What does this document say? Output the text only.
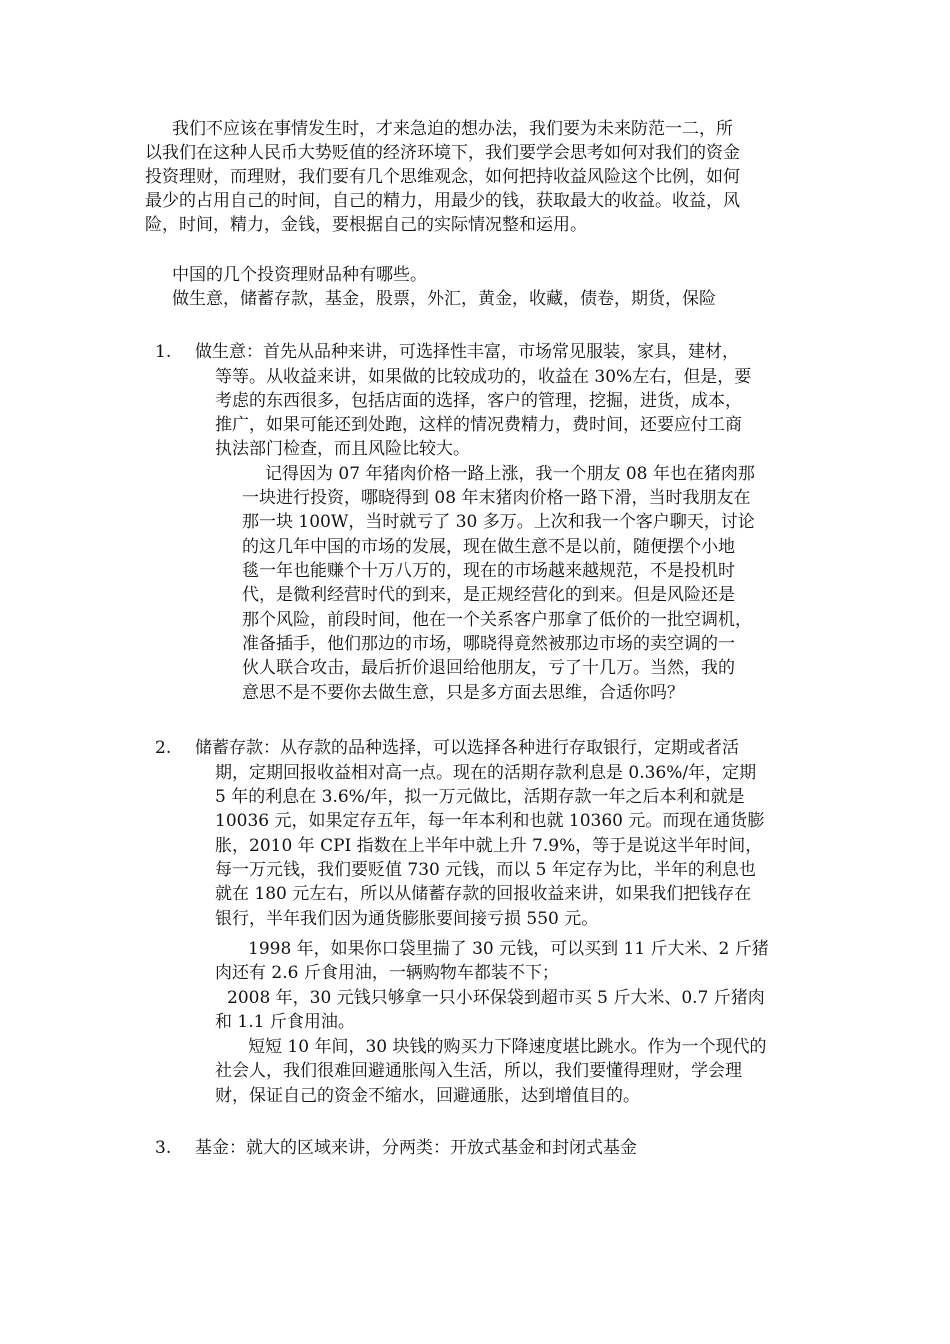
我们不应该在事情发生时，才来急迫的想办法，我们要为未来防范一二，所
以我们在这种人民币大势贬值的经济环境下，我们要学会思考如何对我们的资金
投资理财，而理财，我们要有几个思维观念，如何把持收益风险这个比例，如何
最少的占用自己的时间，自己的精力，用最少的钱，获取最大的收益。收益，风
险，时间，精力，金钱，要根据自己的实际情况整和运用。
中国的几个投资理财品种有哪些。
做生意，储蓄存款，基金，股票，外汇，黄金，收藏，债卷，期货，保险
1. 做生意：首先从品种来讲，可选择性丰富，市场常见服装，家具，建材，
等等。从收益来讲，如果做的比较成功的，收益在 30%左右，但是，要
考虑的东西很多，包括店面的选择，客户的管理，挖掘，进货，成本，
推广，如果可能还到处跑，这样的情况费精力，费时间，还要应付工商
执法部门检查，而且风险比较大。
记得因为 07 年猪肉价格一路上涨，我一个朋友 08 年也在猪肉那
一块进行投资，哪晓得到 08 年末猪肉价格一路下滑，当时我朋友在
那一块 100W，当时就亏了 30 多万。上次和我一个客户聊天，讨论
的这几年中国的市场的发展，现在做生意不是以前，随便摆个小地
毯一年也能赚个十万八万的，现在的市场越来越规范，不是投机时
代，是微利经营时代的到来，是正规经营化的到来。但是风险还是
那个风险，前段时间，他在一个关系客户那拿了低价的一批空调机，
准备插手，他们那边的市场，哪晓得竟然被那边市场的卖空调的一
伙人联合攻击，最后折价退回给他朋友，亏了十几万。当然，我的
意思不是不要你去做生意，只是多方面去思维，合适你吗？
2. 储蓄存款：从存款的品种选择，可以选择各种进行存取银行，定期或者活
期，定期回报收益相对高一点。现在的活期存款利息是 0.36%/年，定期
5 年的利息在 3.6%/年，拟一万元做比，活期存款一年之后本利和就是
10036 元，如果定存五年，每一年本利和也就 10360 元。而现在通货膨
胀，2010 年 CPI 指数在上半年中就上升 7.9%，等于是说这半年时间，
每一万元钱，我们要贬值 730 元钱，而以 5 年定存为比，半年的利息也
就在 180 元左右，所以从储蓄存款的回报收益来讲，如果我们把钱存在
银行，半年我们因为通货膨胀要间接亏损 550 元。
1998 年，如果你口袋里揣了 30 元钱，可以买到 11 斤大米、2 斤猪
肉还有 2.6 斤食用油，一辆购物车都装不下；
2008 年，30 元钱只够拿一只小环保袋到超市买 5 斤大米、0.7 斤猪肉
和 1.1 斤食用油。
短短 10 年间，30 块钱的购买力下降速度堪比跳水。作为一个现代的
社会人，我们很难回避通胀闯入生活，所以，我们要懂得理财，学会理
财，保证自己的资金不缩水，回避通胀，达到增值目的。
3. 基金：就大的区域来讲，分两类：开放式基金和封闭式基金
